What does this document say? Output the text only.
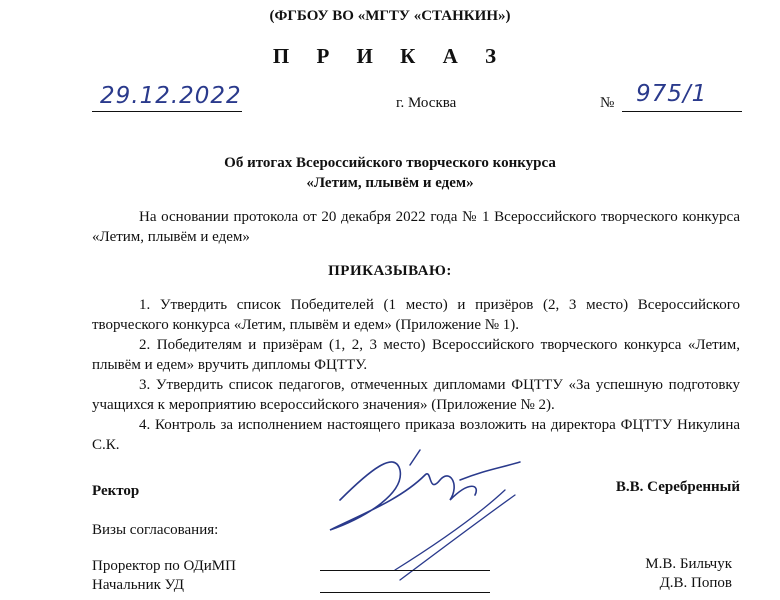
(ФГБОУ ВО «МГТУ «СТАНКИН»)
П Р И К А З
29.12.2022	г. Москва	№ 975/1
Об итогах Всероссийского творческого конкурса
«Летим, плывём и едем»

На основании протокола от 20 декабря 2022 года № 1 Всероссийского творческого конкурса «Летим, плывём и едем»

ПРИКАЗЫВАЮ:

1. Утвердить список Победителей (1 место) и призёров (2, 3 место) Всероссийского творческого конкурса «Летим, плывём и едем» (Приложение № 1).

2. Победителям и призёрам (1, 2, 3 место) Всероссийского творческого конкурса «Летим, плывём и едем» вручить дипломы ФЦТТУ.

3. Утвердить список педагогов, отмеченных дипломами ФЦТТУ «За успешную подготовку учащихся к мероприятию всероссийского значения» (Приложение № 2).

4. Контроль за исполнением настоящего приказа возложить на директора ФЦТТУ Никулина С.К.

Ректор	В.В. Серебренный
Визы согласования:
Проректор по ОДиМП	М.В. Бильчук
Начальник УД	Д.В. Попов
